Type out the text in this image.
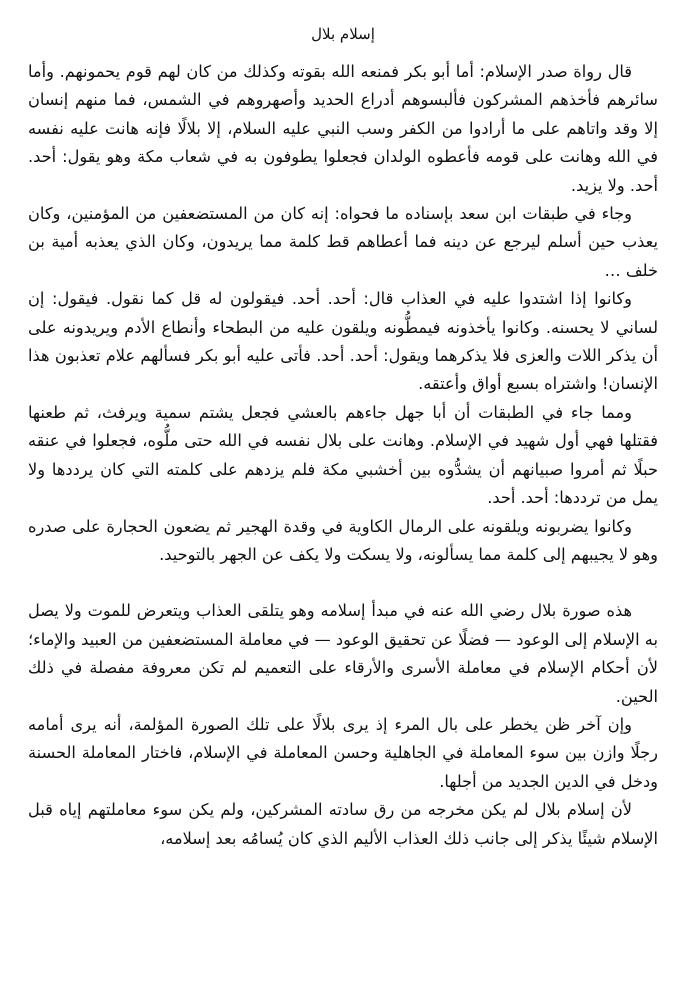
إسلام بلال

قال رواة صدر الإسلام: أما أبو بكر فمنعه الله بقوته وكذلك من كان لهم قوم يحمونهم. وأما سائرهم فأخذهم المشركون فألبسوهم أدراع الحديد وأصهروهم في الشمس، فما منهم إنسان إلا وقد واتاهم على ما أرادوا من الكفر وسب النبي عليه السلام، إلا بلالًا فإنه هانت عليه نفسه في الله وهانت على قومه فأعطوه الولدان فجعلوا يطوفون به في شعاب مكة وهو يقول: أحد. أحد. ولا يزيد.

وجاء في طبقات ابن سعد بإسناده ما فحواه: إنه كان من المستضعفين من المؤمنين، وكان يعذب حين أسلم ليرجع عن دينه فما أعطاهم قط كلمة مما يريدون، وكان الذي يعذبه أمية بن خلف …

وكانوا إذا اشتدوا عليه في العذاب قال: أحد. أحد. فيقولون له قل كما نقول. فيقول: إن لساني لا يحسنه. وكانوا يأخذونه فيمطُّونه ويلقون عليه من البطحاء وأنطاع الأدم ويريدونه على أن يذكر اللات والعزى فلا يذكرهما ويقول: أحد. أحد. فأتى عليه أبو بكر فسألهم علام تعذبون هذا الإنسان! واشتراه بسبع أواق وأعتقه.

ومما جاء في الطبقات أن أبا جهل جاءهم بالعشي فجعل يشتم سمية ويرفث، ثم طعنها فقتلها فهي أول شهيد في الإسلام. وهانت على بلال نفسه في الله حتى ملُّوه، فجعلوا في عنقه حبلًا ثم أمروا صبيانهم أن يشدُّوه بين أخشبي مكة فلم يزدهم على كلمته التي كان يرددها ولا يمل من ترددها: أحد. أحد.

وكانوا يضربونه ويلقونه على الرمال الكاوية في وقدة الهجير ثم يضعون الحجارة على صدره وهو لا يجيبهم إلى كلمة مما يسألونه، ولا يسكت ولا يكف عن الجهر بالتوحيد.

هذه صورة بلال رضي الله عنه في مبدأ إسلامه وهو يتلقى العذاب ويتعرض للموت ولا يصل به الإسلام إلى الوعود — فضلًا عن تحقيق الوعود — في معاملة المستضعفين من العبيد والإماء؛ لأن أحكام الإسلام في معاملة الأسرى والأرقاء على التعميم لم تكن معروفة مفصلة في ذلك الحين.

وإن آخر ظن يخطر على بال المرء إذ يرى بلالًا على تلك الصورة المؤلمة، أنه يرى أمامه رجلًا وازن بين سوء المعاملة في الجاهلية وحسن المعاملة في الإسلام، فاختار المعاملة الحسنة ودخل في الدين الجديد من أجلها.

لأن إسلام بلال لم يكن مخرجه من رق سادته المشركين، ولم يكن سوء معاملتهم إياه قبل الإسلام شيئًا يذكر إلى جانب ذلك العذاب الأليم الذي كان يُسامُه بعد إسلامه،
